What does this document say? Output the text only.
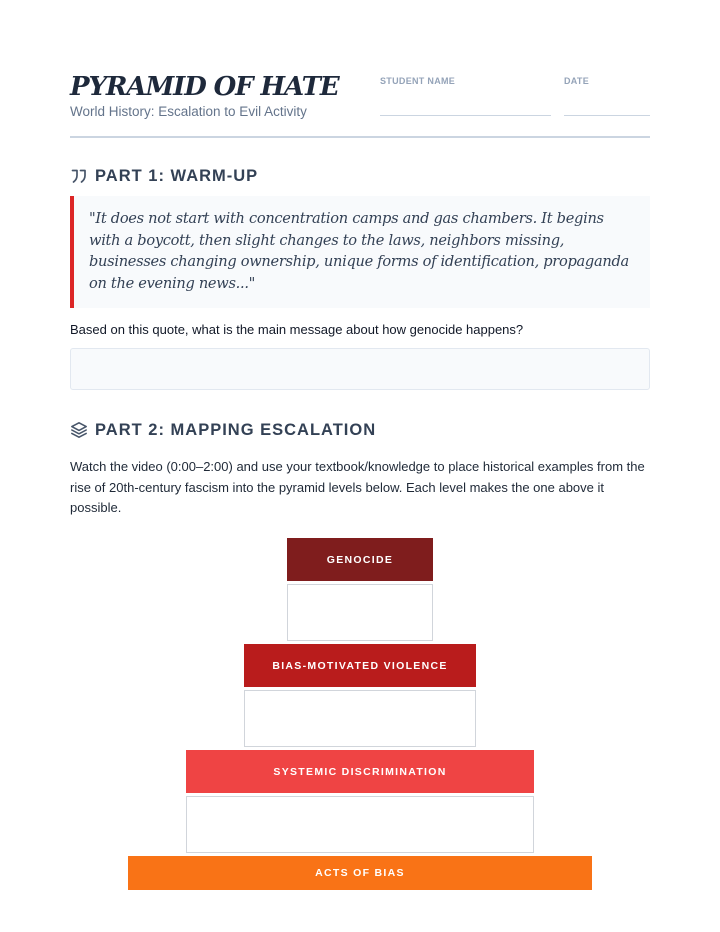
PYRAMID OF HATE
World History: Escalation to Evil Activity
STUDENT NAME	DATE
PART 1: WARM-UP
"It does not start with concentration camps and gas chambers. It begins with a boycott, then slight changes to the laws, neighbors missing, businesses changing ownership, unique forms of identification, propaganda on the evening news..."
Based on this quote, what is the main message about how genocide happens?
PART 2: MAPPING ESCALATION
Watch the video (0:00–2:00) and use your textbook/knowledge to place historical examples from the rise of 20th-century fascism into the pyramid levels below. Each level makes the one above it possible.
GENOCIDE
BIAS-MOTIVATED VIOLENCE
SYSTEMIC DISCRIMINATION
ACTS OF BIAS
